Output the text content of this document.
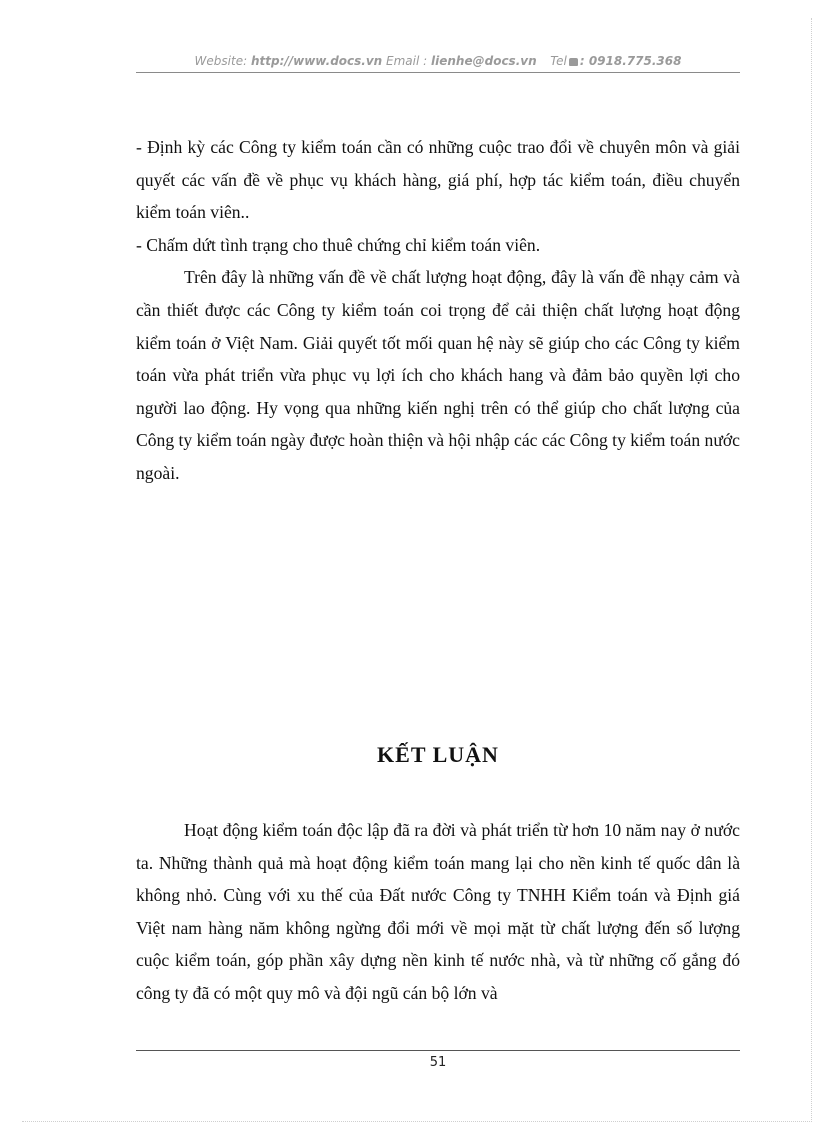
Website: http://www.docs.vn Email : lienhe@docs.vn Tel : 0918.775.368

- Định kỳ các Công ty kiểm toán cần có những cuộc trao đổi về chuyên môn và giải quyết các vấn đề về phục vụ khách hàng, giá phí, hợp tác kiểm toán, điều chuyển kiểm toán viên..

- Chấm dứt tình trạng cho thuê chứng chỉ kiểm toán viên.

Trên đây là những vấn đề về chất lượng hoạt động, đây là vấn đề nhạy cảm và cần thiết được các Công ty kiểm toán coi trọng để cải thiện chất lượng hoạt động kiểm toán ở Việt Nam. Giải quyết tốt mối quan hệ này sẽ giúp cho các Công ty kiểm toán vừa phát triển vừa phục vụ lợi ích cho khách hang và đảm bảo quyền lợi cho người lao động. Hy vọng qua những kiến nghị trên có thể giúp cho chất lượng của Công ty kiểm toán ngày được hoàn thiện và hội nhập các các Công ty kiểm toán nước ngoài.

KẾT LUẬN

Hoạt động kiểm toán độc lập đã ra đời và phát triển từ hơn 10 năm nay ở nước ta. Những thành quả mà hoạt động kiểm toán mang lại cho nền kinh tế quốc dân là không nhỏ. Cùng với xu thế của Đất nước Công ty TNHH Kiểm toán và Định giá Việt nam hàng năm không ngừng đổi mới về mọi mặt từ chất lượng đến số lượng cuộc kiểm toán, góp phần xây dựng nền kinh tế nước nhà, và từ những cố gắng đó công ty đã có một quy mô và đội ngũ cán bộ lớn và

51
